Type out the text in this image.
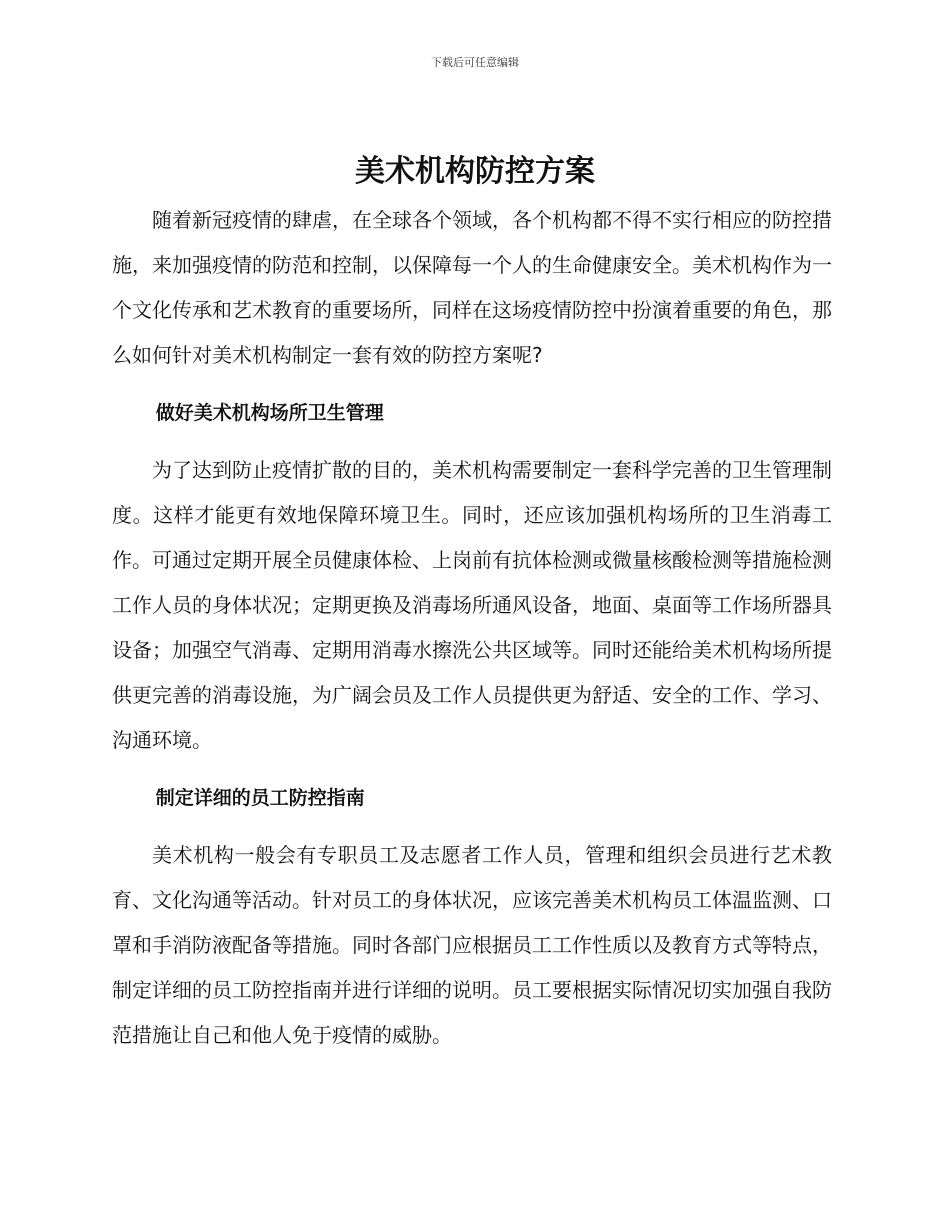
下载后可任意编辑
美术机构防控方案

随着新冠疫情的肆虐，在全球各个领域，各个机构都不得不实行相应的防控措施，来加强疫情的防范和控制，以保障每一个人的生命健康安全。美术机构作为一个文化传承和艺术教育的重要场所，同样在这场疫情防控中扮演着重要的角色，那么如何针对美术机构制定一套有效的防控方案呢?

做好美术机构场所卫生管理

为了达到防止疫情扩散的目的，美术机构需要制定一套科学完善的卫生管理制度。这样才能更有效地保障环境卫生。同时，还应该加强机构场所的卫生消毒工作。可通过定期开展全员健康体检、上岗前有抗体检测或微量核酸检测等措施检测工作人员的身体状况；定期更换及消毒场所通风设备，地面、桌面等工作场所器具设备；加强空气消毒、定期用消毒水擦洗公共区域等。同时还能给美术机构场所提供更完善的消毒设施，为广阔会员及工作人员提供更为舒适、安全的工作、学习、沟通环境。

制定详细的员工防控指南

美术机构一般会有专职员工及志愿者工作人员，管理和组织会员进行艺术教育、文化沟通等活动。针对员工的身体状况，应该完善美术机构员工体温监测、口罩和手消防液配备等措施。同时各部门应根据员工工作性质以及教育方式等特点，制定详细的员工防控指南并进行详细的说明。员工要根据实际情况切实加强自我防范措施让自己和他人免于疫情的威胁。
